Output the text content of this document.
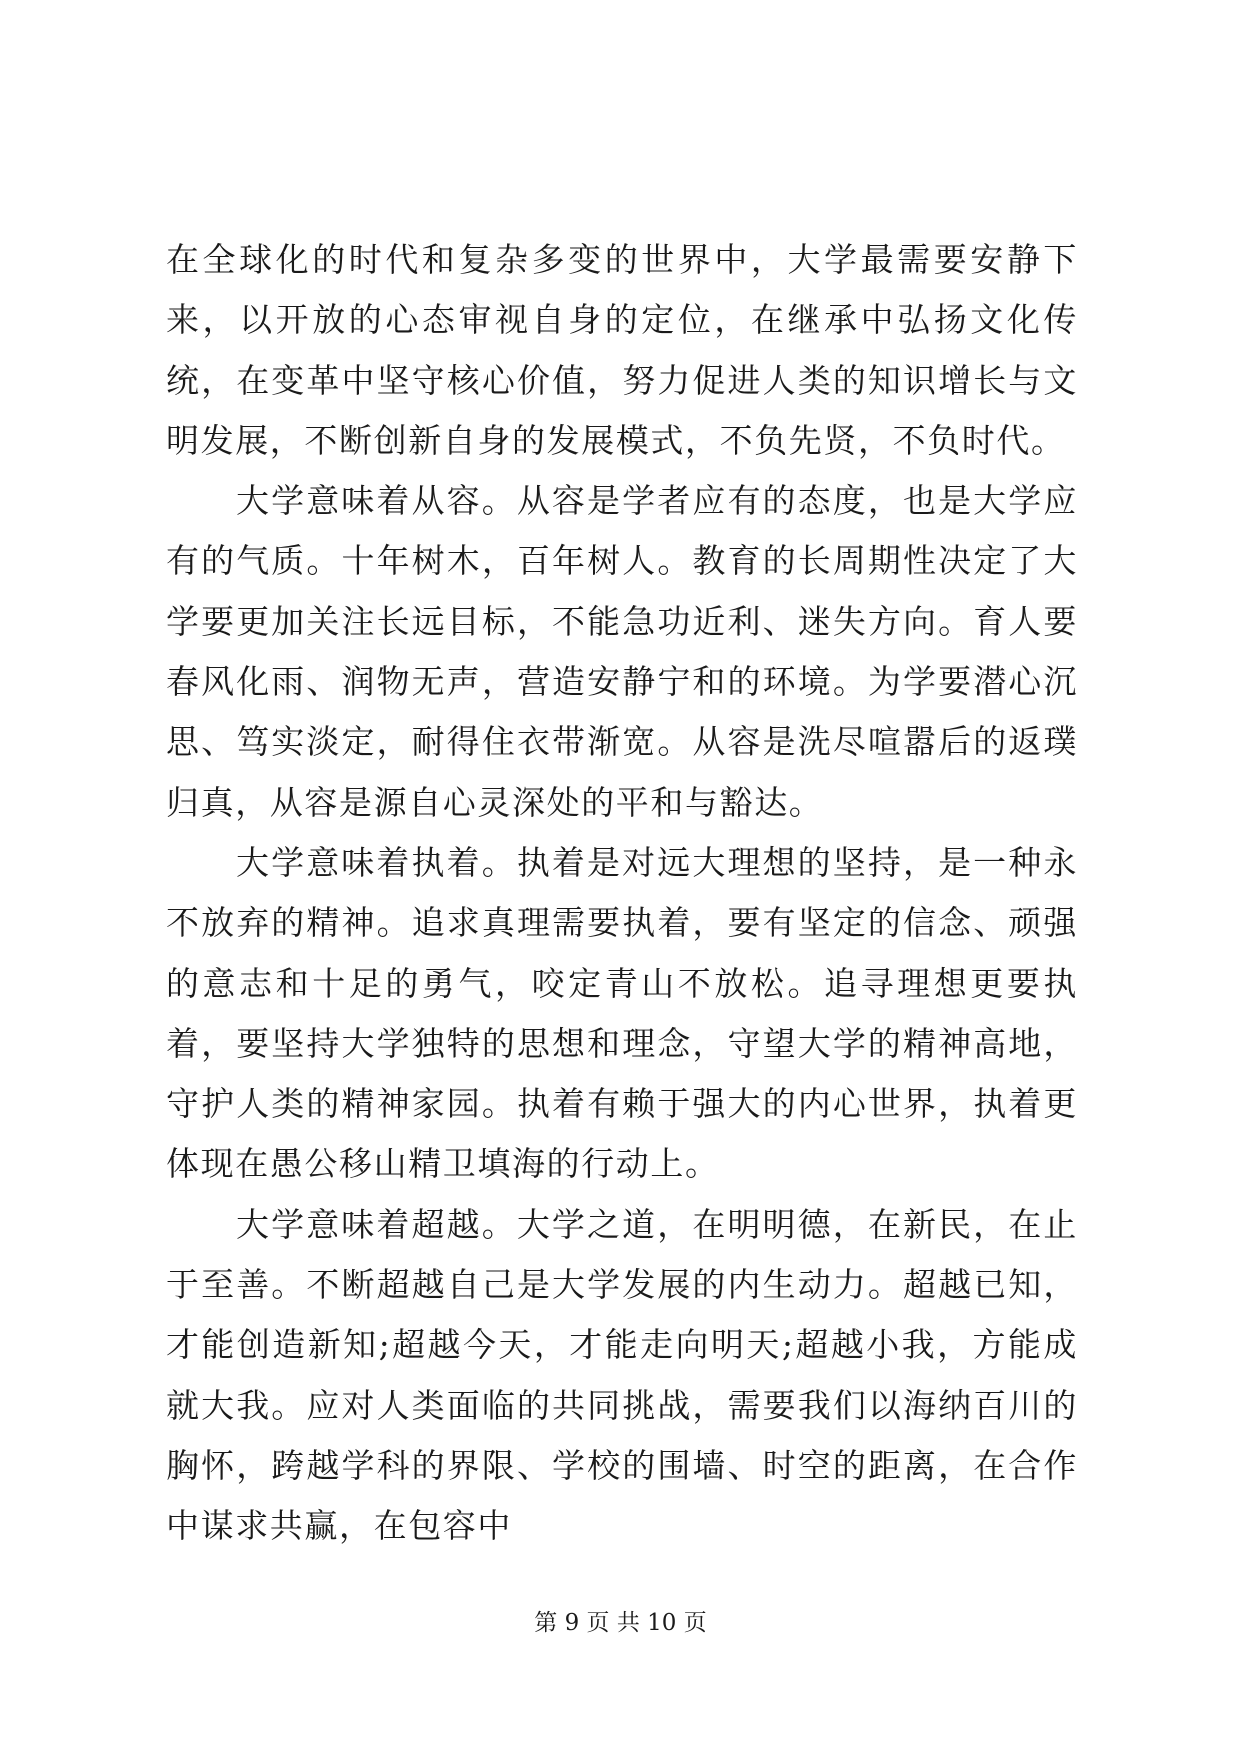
在全球化的时代和复杂多变的世界中，大学最需要安静下来，以开放的心态审视自身的定位，在继承中弘扬文化传统，在变革中坚守核心价值，努力促进人类的知识增长与文明发展，不断创新自身的发展模式，不负先贤，不负时代。

大学意味着从容。从容是学者应有的态度，也是大学应有的气质。十年树木，百年树人。教育的长周期性决定了大学要更加关注长远目标，不能急功近利、迷失方向。育人要春风化雨、润物无声，营造安静宁和的环境。为学要潜心沉思、笃实淡定，耐得住衣带渐宽。从容是洗尽喧嚣后的返璞归真，从容是源自心灵深处的平和与豁达。

大学意味着执着。执着是对远大理想的坚持，是一种永不放弃的精神。追求真理需要执着，要有坚定的信念、顽强的意志和十足的勇气，咬定青山不放松。追寻理想更要执着，要坚持大学独特的思想和理念，守望大学的精神高地，守护人类的精神家园。执着有赖于强大的内心世界，执着更体现在愚公移山精卫填海的行动上。

大学意味着超越。大学之道，在明明德，在新民，在止于至善。不断超越自己是大学发展的内生动力。超越已知，才能创造新知;超越今天，才能走向明天;超越小我，方能成就大我。应对人类面临的共同挑战，需要我们以海纳百川的胸怀，跨越学科的界限、学校的围墙、时空的距离，在合作中谋求共赢，在包容中

第 9 页 共 10 页
